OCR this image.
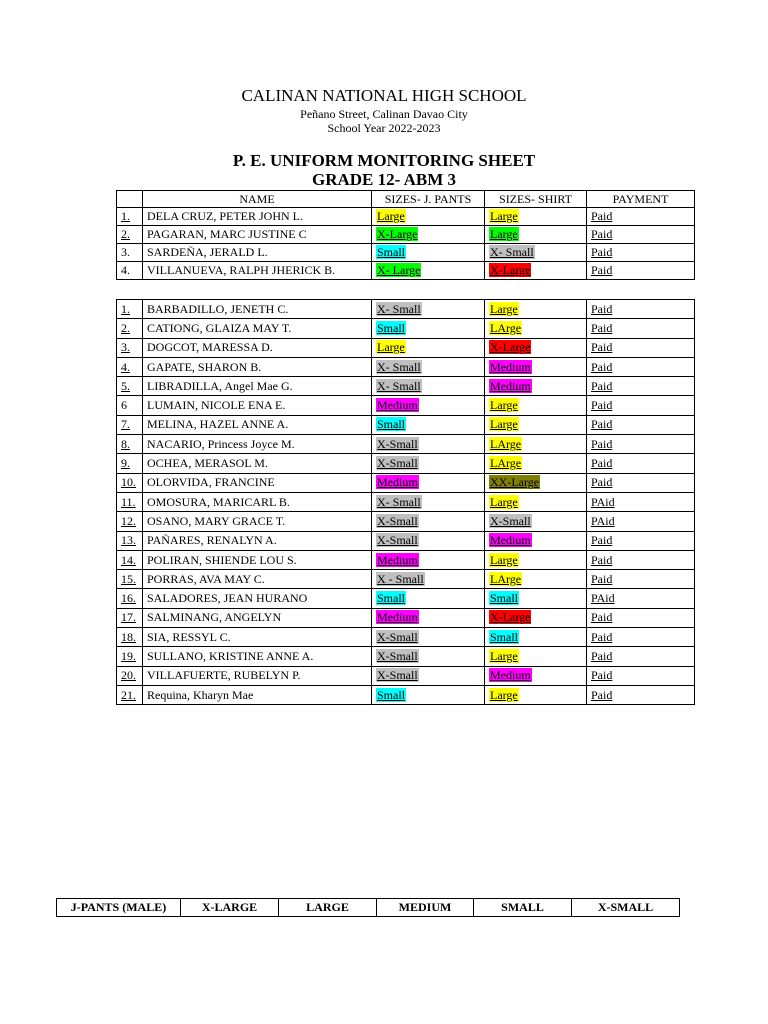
CALINAN NATIONAL HIGH SCHOOL
Peñano Street, Calinan Davao City
School Year 2022-2023
P. E. UNIFORM MONITORING SHEET
GRADE 12- ABM 3
	NAME	SIZES- J. PANTS	SIZES- SHIRT	PAYMENT
1.	DELA CRUZ, PETER JOHN L.	Large	Large	Paid
2.	PAGARAN, MARC JUSTINE C	X-Large	Large	Paid
3.	SARDEÑA, JERALD L.	Small	X- Small	Paid
4.	VILLANUEVA, RALPH JHERICK B.	X- Large	X-Large	Paid
1.	BARBADILLO, JENETH C.	X- Small	Large	Paid
2.	CATIONG, GLAIZA MAY T.	Small	LArge	Paid
3.	DOGCOT, MARESSA D.	Large	X-Large	Paid
4.	GAPATE, SHARON B.	X- Small	Medium	Paid
5.	LIBRADILLA, Angel Mae G.	X- Small	Medium	Paid
6	LUMAIN, NICOLE ENA E.	Medium	Large	Paid
7.	MELINA, HAZEL ANNE A.	Small	Large	Paid
8.	NACARIO, Princess Joyce M.	X-Small	LArge	Paid
9.	OCHEA, MERASOL M.	X-Small	LArge	Paid
10.	OLORVIDA, FRANCINE	Medium	XX-Large	Paid
11.	OMOSURA, MARICARL B.	X- Small	Large	PAid
12.	OSANO, MARY GRACE T.	X-Small	X-Small	PAid
13.	PAÑARES, RENALYN A.	X-Small	Medium	Paid
14.	POLIRAN, SHIENDE LOU S.	Medium	Large	Paid
15.	PORRAS, AVA MAY C.	X - Small	LArge	Paid
16.	SALADORES, JEAN HURANO	Small	Small	PAid
17.	SALMINANG, ANGELYN	Medium	X-Large	Paid
18.	SIA, RESSYL C.	X-Small	Small	Paid
19.	SULLANO, KRISTINE ANNE A.	X-Small	Large	Paid
20.	VILLAFUERTE, RUBELYN P.	X-Small	Medium	Paid
21.	Requina, Kharyn Mae	Small	Large	Paid
J-PANTS (MALE)	X-LARGE	LARGE	MEDIUM	SMALL	X-SMALL
